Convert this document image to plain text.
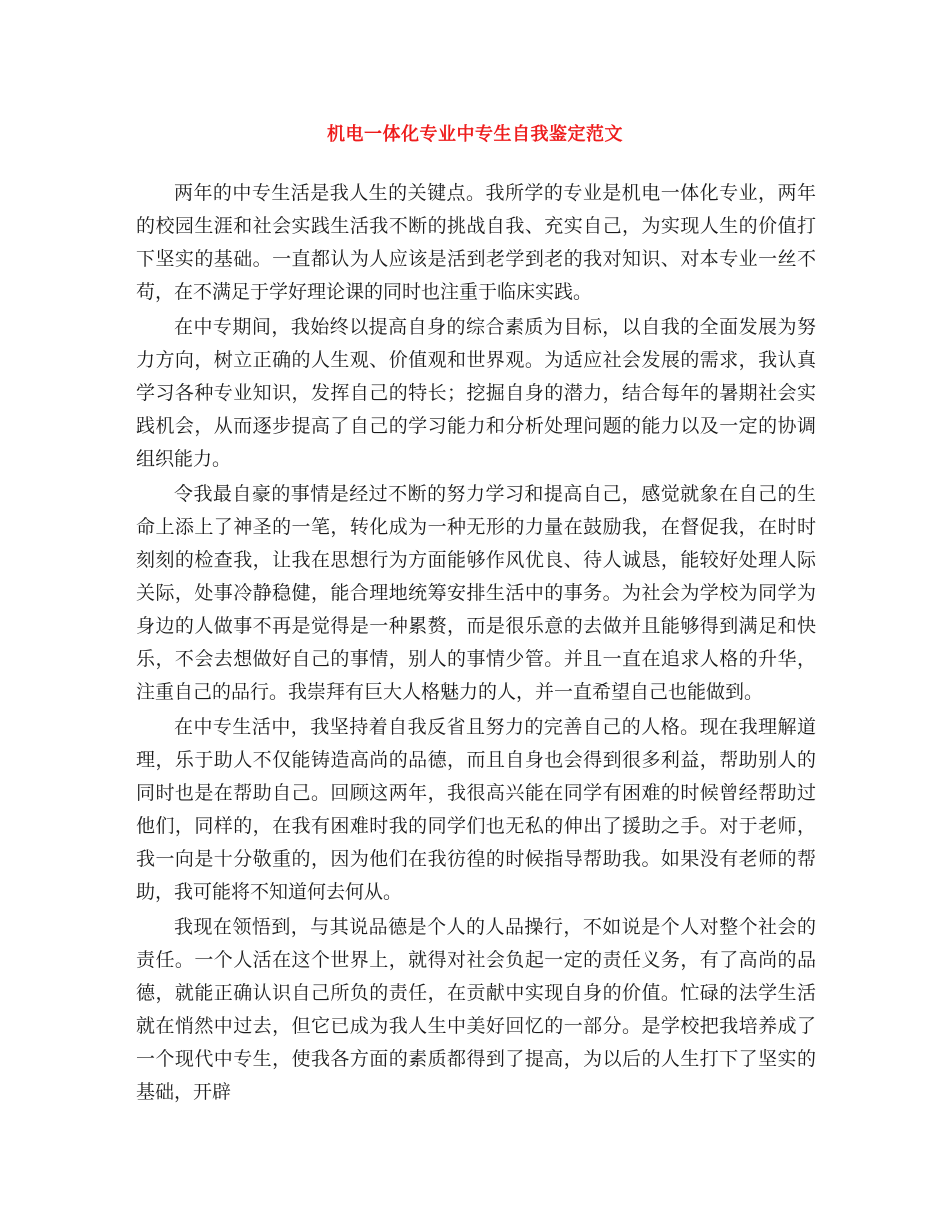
机电一体化专业中专生自我鉴定范文

两年的中专生活是我人生的关键点。我所学的专业是机电一体化专业，两年的校园生涯和社会实践生活我不断的挑战自我、充实自己，为实现人生的价值打下坚实的基础。一直都认为人应该是活到老学到老的我对知识、对本专业一丝不苟，在不满足于学好理论课的同时也注重于临床实践。

在中专期间，我始终以提高自身的综合素质为目标，以自我的全面发展为努力方向，树立正确的人生观、价值观和世界观。为适应社会发展的需求，我认真学习各种专业知识，发挥自己的特长；挖掘自身的潜力，结合每年的暑期社会实践机会，从而逐步提高了自己的学习能力和分析处理问题的能力以及一定的协调组织能力。

令我最自豪的事情是经过不断的努力学习和提高自己，感觉就象在自己的生命上添上了神圣的一笔，转化成为一种无形的力量在鼓励我，在督促我，在时时刻刻的检查我，让我在思想行为方面能够作风优良、待人诚恳，能较好处理人际关际，处事冷静稳健，能合理地统筹安排生活中的事务。为社会为学校为同学为身边的人做事不再是觉得是一种累赘，而是很乐意的去做并且能够得到满足和快乐，不会去想做好自己的事情，别人的事情少管。并且一直在追求人格的升华，注重自己的品行。我崇拜有巨大人格魅力的人，并一直希望自己也能做到。

在中专生活中，我坚持着自我反省且努力的完善自己的人格。现在我理解道理，乐于助人不仅能铸造高尚的品德，而且自身也会得到很多利益，帮助别人的同时也是在帮助自己。回顾这两年，我很高兴能在同学有困难的时候曾经帮助过他们，同样的，在我有困难时我的同学们也无私的伸出了援助之手。对于老师，我一向是十分敬重的，因为他们在我彷徨的时候指导帮助我。如果没有老师的帮助，我可能将不知道何去何从。

我现在领悟到，与其说品德是个人的人品操行，不如说是个人对整个社会的责任。一个人活在这个世界上，就得对社会负起一定的责任义务，有了高尚的品德，就能正确认识自己所负的责任，在贡献中实现自身的价值。忙碌的法学生活就在悄然中过去，但它已成为我人生中美好回忆的一部分。是学校把我培养成了一个现代中专生，使我各方面的素质都得到了提高，为以后的人生打下了坚实的基础，开辟
